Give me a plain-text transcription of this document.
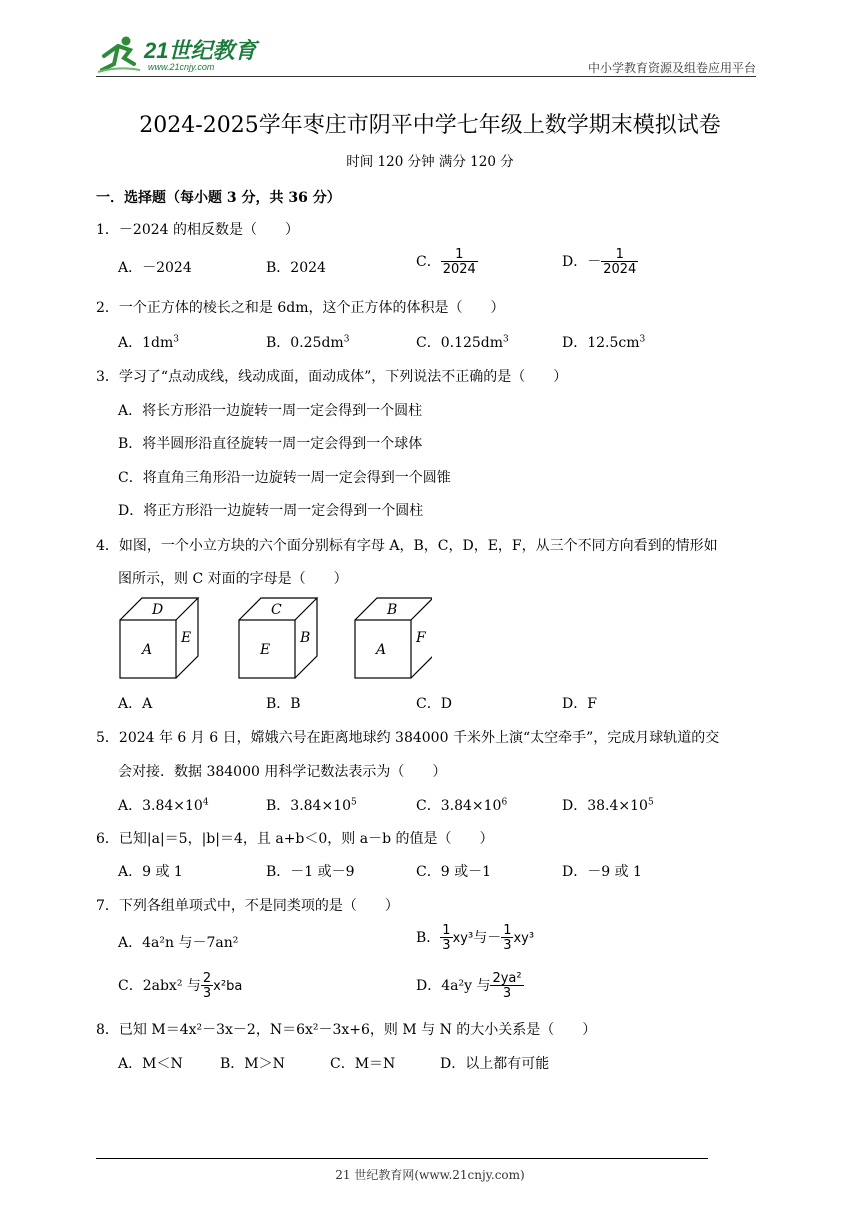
21世纪教育
www.21cnjy.com	中小学教育资源及组卷应用平台
2024-2025学年枣庄市阴平中学七年级上数学期末模拟试卷
时间 120 分钟 满分 120 分
一．选择题（每小题 3 分，共 36 分）
1．－2024 的相反数是（　　）
A．－2024	B．2024	C． $\frac{1}{2024}$	D．－ $\frac{1}{2024}$
2．一个正方体的棱长之和是 6dm，这个正方体的体积是（　　）
A．$1dm^3$	B．$0.25dm^3$	C．$0.125dm^3$	D．$12.5cm^3$
3．学习了“点动成线，线动成面，面动成体”，下列说法不正确的是（　　）
A．将长方形沿一边旋转一周一定会得到一个圆柱
B．将半圆形沿直径旋转一周一定会得到一个球体
C．将直角三角形沿一边旋转一周一定会得到一个圆锥
D．将正方形沿一边旋转一周一定会得到一个圆柱
4．如图，一个小立方块的六个面分别标有字母 A，B，C，D，E，F，从三个不同方向看到的情形如
图所示，则 C 对面的字母是（　　）
D
A
E
C
E
B
B
A
F
A．A	B．B	C．D	D．F
5．2024 年 6 月 6 日，嫦娥六号在距离地球约 384000 千米外上演“太空牵手”，完成月球轨道的交
会对接．数据 384000 用科学记数法表示为（　　）
A．$3.84\times 10^4$	B．$3.84\times 10^5$	C．$3.84\times 10^6$	D．$38.4\times 10^5$
6．已知|a|＝5，|b|＝4，且 a+b＜0，则 a－b 的值是（　　）
A．9 或 1	B．－1 或－9	C．9 或－1	D．－9 或 1
7．下列各组单项式中，不是同类项的是（　　）
A．4a²n 与－7an²	B． $\frac{1}{3} xy^3$与－ $\frac{1}{3} xy^3$
C．2abx² 与 $\frac{2}{3} x^2ba$	D．4a²y 与 $\frac{\text{2ya²}}{3}$
8．已知 M＝4x²－3x－2，N＝6x²－3x+6，则 M 与 N 的大小关系是（　　）
A．M＜N	B．M＞N	C．M＝N	D．以上都有可能
21 世纪教育网(www.21cnjy.com)
